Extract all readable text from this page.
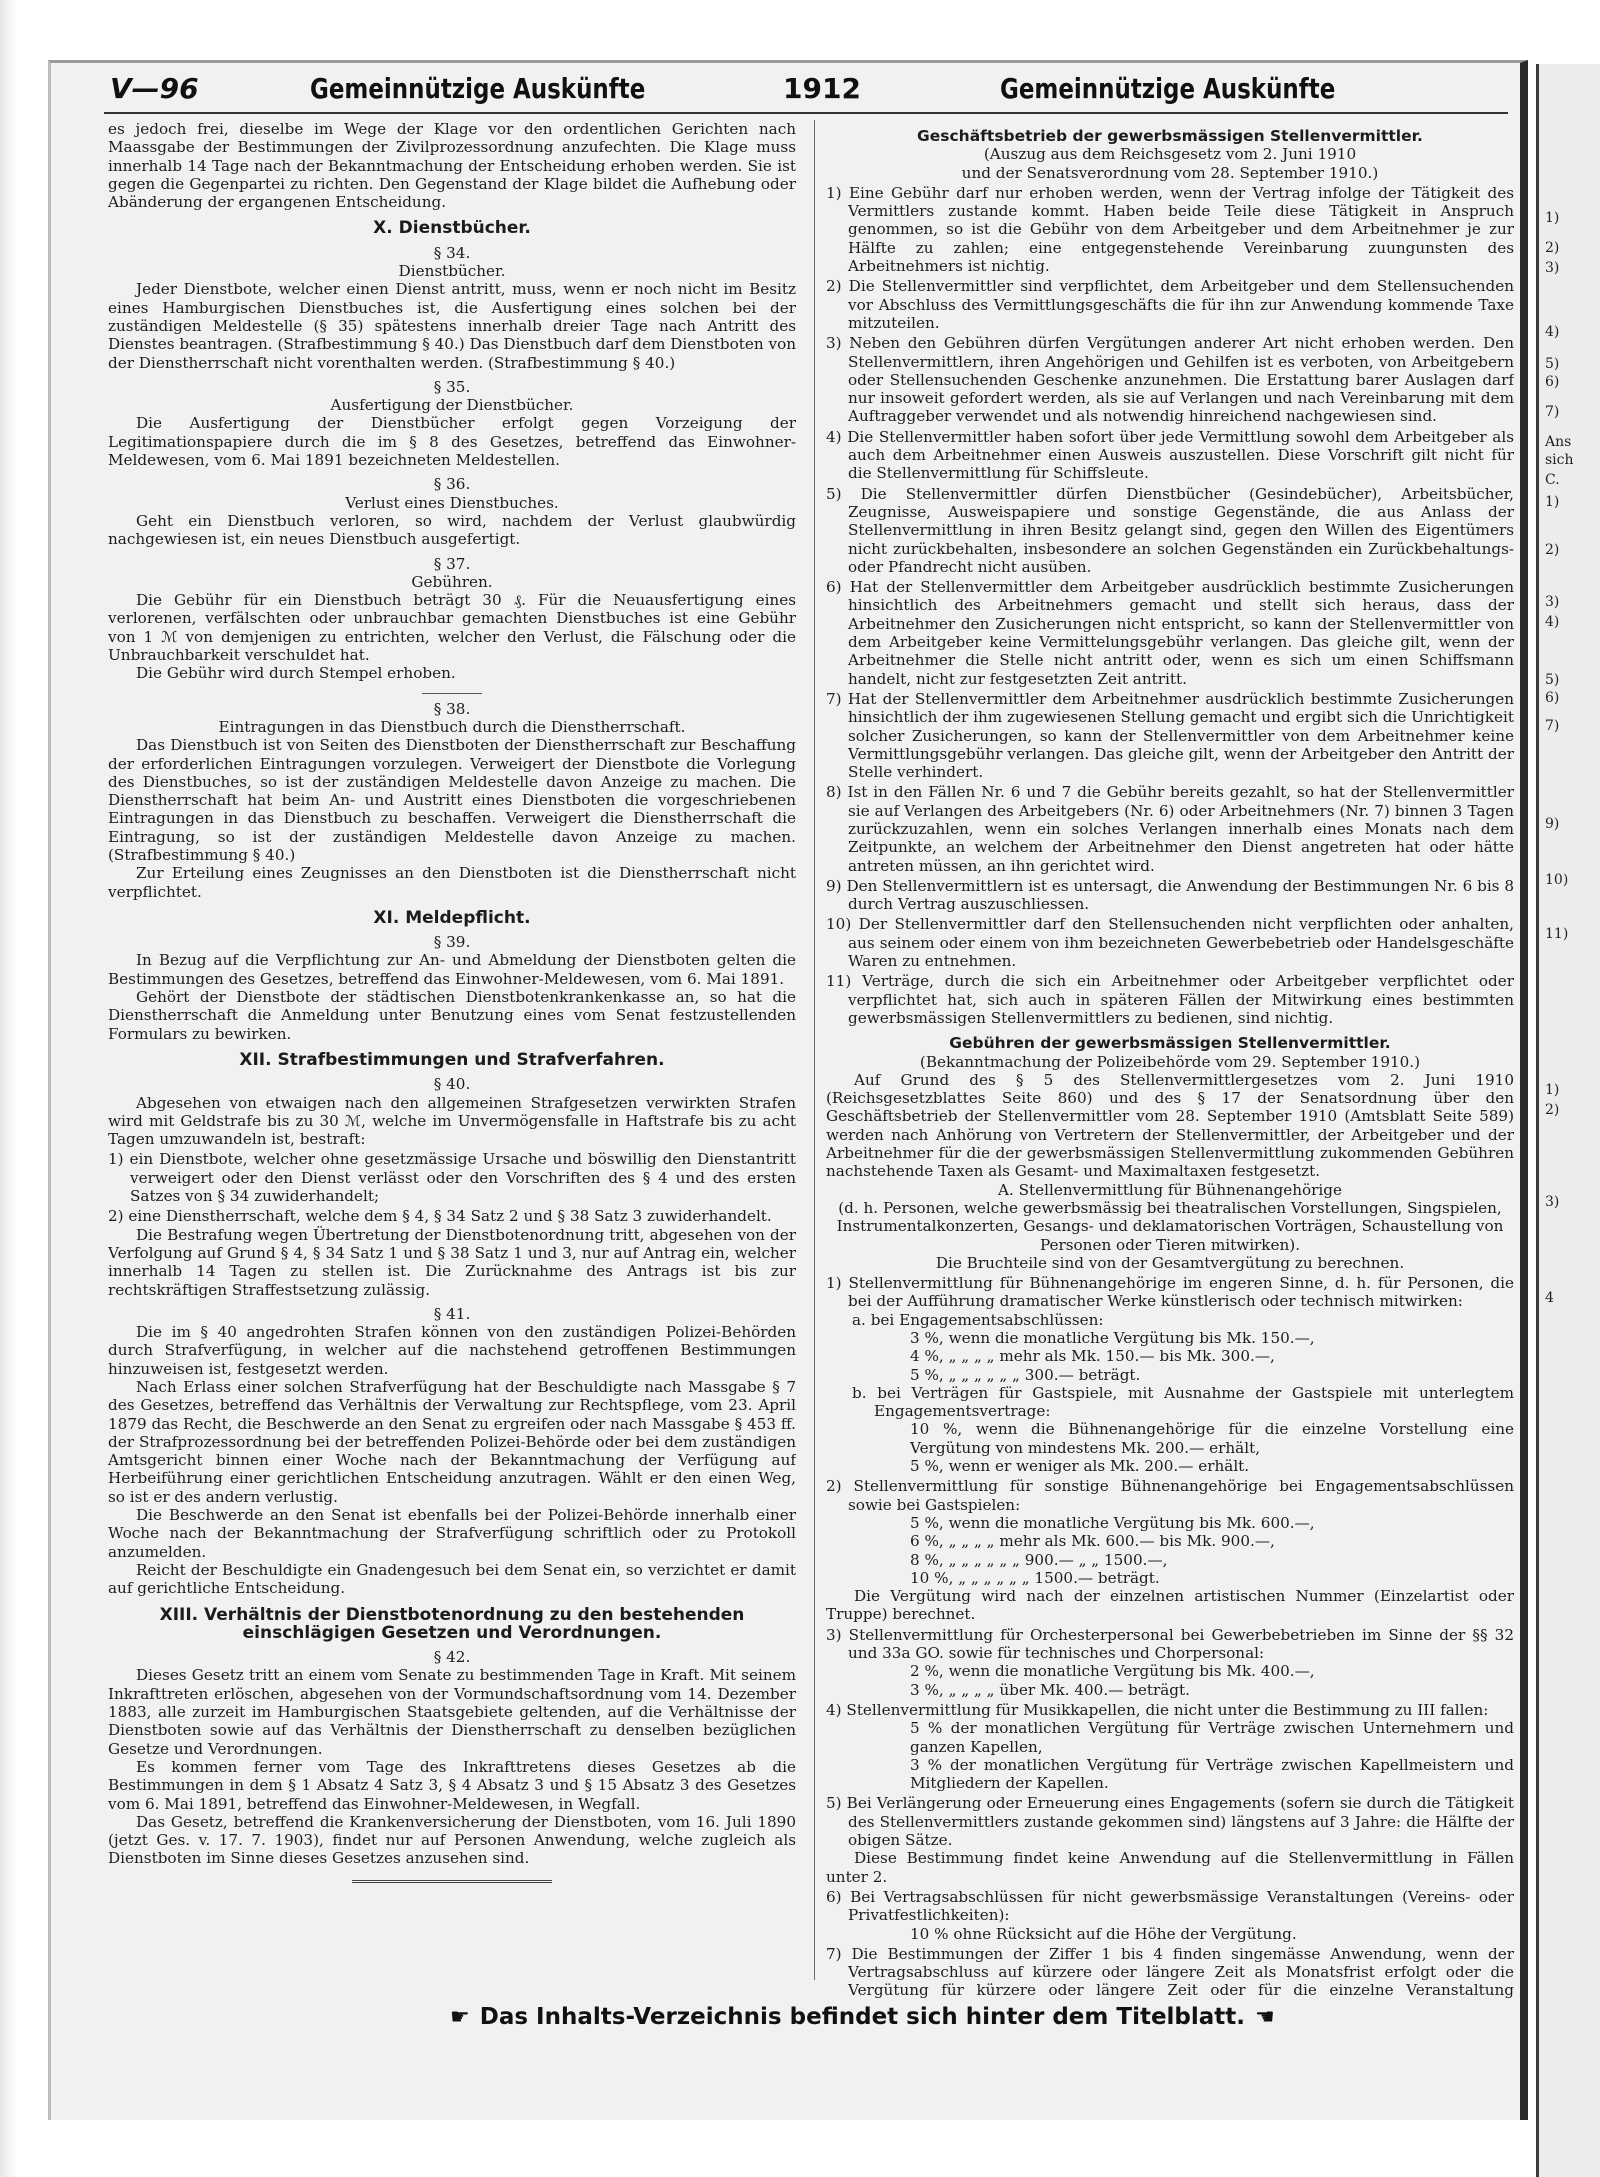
V—96	Gemeinnützige Auskünfte	1912	Gemeinnützige Auskünfte

es jedoch frei, dieselbe im Wege der Klage vor den ordentlichen Gerichten nach Maassgabe der Bestimmungen der Zivilprozessordnung anzufechten. Die Klage muss innerhalb 14 Tage nach der Bekanntmachung der Entscheidung erhoben werden. Sie ist gegen die Gegenpartei zu richten. Den Gegenstand der Klage bildet die Aufhebung oder Abänderung der ergangenen Entscheidung.

X. Dienstbücher.

§ 34.

Dienstbücher.

Jeder Dienstbote, welcher einen Dienst antritt, muss, wenn er noch nicht im Besitz eines Hamburgischen Dienstbuches ist, die Ausfertigung eines solchen bei der zuständigen Meldestelle (§ 35) spätestens innerhalb dreier Tage nach Antritt des Dienstes beantragen. (Strafbestimmung § 40.) Das Dienstbuch darf dem Dienstboten von der Dienstherrschaft nicht vorenthalten werden. (Strafbestimmung § 40.)

§ 35.

Ausfertigung der Dienstbücher.

Die Ausfertigung der Dienstbücher erfolgt gegen Vorzeigung der Legitimationspapiere durch die im § 8 des Gesetzes, betreffend das Einwohner-Meldewesen, vom 6. Mai 1891 bezeichneten Meldestellen.

§ 36.

Verlust eines Dienstbuches.

Geht ein Dienstbuch verloren, so wird, nachdem der Verlust glaubwürdig nachgewiesen ist, ein neues Dienstbuch ausgefertigt.

§ 37.

Gebühren.

Die Gebühr für ein Dienstbuch beträgt 30 ₰. Für die Neuausfertigung eines verlorenen, verfälschten oder unbrauchbar gemachten Dienstbuches ist eine Gebühr von 1 ℳ von demjenigen zu entrichten, welcher den Verlust, die Fälschung oder die Unbrauchbarkeit verschuldet hat.

Die Gebühr wird durch Stempel erhoben.

§ 38.

Eintragungen in das Dienstbuch durch die Dienstherrschaft.

Das Dienstbuch ist von Seiten des Dienstboten der Dienstherrschaft zur Beschaffung der erforderlichen Eintragungen vorzulegen. Verweigert der Dienstbote die Vorlegung des Dienstbuches, so ist der zuständigen Meldestelle davon Anzeige zu machen. Die Dienstherrschaft hat beim An- und Austritt eines Dienstboten die vorgeschriebenen Eintragungen in das Dienstbuch zu beschaffen. Verweigert die Dienstherrschaft die Eintragung, so ist der zuständigen Meldestelle davon Anzeige zu machen. (Strafbestimmung § 40.)

Zur Erteilung eines Zeugnisses an den Dienstboten ist die Dienstherrschaft nicht verpflichtet.

XI. Meldepflicht.

§ 39.

In Bezug auf die Verpflichtung zur An- und Abmeldung der Dienstboten gelten die Bestimmungen des Gesetzes, betreffend das Einwohner-Meldewesen, vom 6. Mai 1891.

Gehört der Dienstbote der städtischen Dienstbotenkrankenkasse an, so hat die Dienstherrschaft die Anmeldung unter Benutzung eines vom Senat festzustellenden Formulars zu bewirken.

XII. Strafbestimmungen und Strafverfahren.

§ 40.

Abgesehen von etwaigen nach den allgemeinen Strafgesetzen verwirkten Strafen wird mit Geldstrafe bis zu 30 ℳ, welche im Unvermögensfalle in Haftstrafe bis zu acht Tagen umzuwandeln ist, bestraft:

1) ein Dienstbote, welcher ohne gesetzmässige Ursache und böswillig den Dienstantritt verweigert oder den Dienst verlässt oder den Vorschriften des § 4 und des ersten Satzes von § 34 zuwiderhandelt;

2) eine Dienstherrschaft, welche dem § 4, § 34 Satz 2 und § 38 Satz 3 zuwiderhandelt.

Die Bestrafung wegen Übertretung der Dienstbotenordnung tritt, abgesehen von der Verfolgung auf Grund § 4, § 34 Satz 1 und § 38 Satz 1 und 3, nur auf Antrag ein, welcher innerhalb 14 Tagen zu stellen ist. Die Zurücknahme des Antrags ist bis zur rechtskräftigen Straffestsetzung zulässig.

§ 41.

Die im § 40 angedrohten Strafen können von den zuständigen Polizei-Behörden durch Strafverfügung, in welcher auf die nachstehend getroffenen Bestimmungen hinzuweisen ist, festgesetzt werden.

Nach Erlass einer solchen Strafverfügung hat der Beschuldigte nach Massgabe § 7 des Gesetzes, betreffend das Verhältnis der Verwaltung zur Rechtspflege, vom 23. April 1879 das Recht, die Beschwerde an den Senat zu ergreifen oder nach Massgabe § 453 ff. der Strafprozessordnung bei der betreffenden Polizei-Behörde oder bei dem zuständigen Amtsgericht binnen einer Woche nach der Bekanntmachung der Verfügung auf Herbeiführung einer gerichtlichen Entscheidung anzutragen. Wählt er den einen Weg, so ist er des andern verlustig.

Die Beschwerde an den Senat ist ebenfalls bei der Polizei-Behörde innerhalb einer Woche nach der Bekanntmachung der Strafverfügung schriftlich oder zu Protokoll anzumelden.

Reicht der Beschuldigte ein Gnadengesuch bei dem Senat ein, so verzichtet er damit auf gerichtliche Entscheidung.

XIII. Verhältnis der Dienstbotenordnung zu den bestehenden einschlägigen Gesetzen und Verordnungen.

§ 42.

Dieses Gesetz tritt an einem vom Senate zu bestimmenden Tage in Kraft. Mit seinem Inkrafttreten erlöschen, abgesehen von der Vormundschaftsordnung vom 14. Dezember 1883, alle zurzeit im Hamburgischen Staatsgebiete geltenden, auf die Verhältnisse der Dienstboten sowie auf das Verhältnis der Dienstherrschaft zu denselben bezüglichen Gesetze und Verordnungen.

Es kommen ferner vom Tage des Inkrafttretens dieses Gesetzes ab die Bestimmungen in dem § 1 Absatz 4 Satz 3, § 4 Absatz 3 und § 15 Absatz 3 des Gesetzes vom 6. Mai 1891, betreffend das Einwohner-Meldewesen, in Wegfall.

Das Gesetz, betreffend die Krankenversicherung der Dienstboten, vom 16. Juli 1890 (jetzt Ges. v. 17. 7. 1903), findet nur auf Personen Anwendung, welche zugleich als Dienstboten im Sinne dieses Gesetzes anzusehen sind.

Geschäftsbetrieb der gewerbsmässigen Stellenvermittler.

(Auszug aus dem Reichsgesetz vom 2. Juni 1910

und der Senatsverordnung vom 28. September 1910.)

1) Eine Gebühr darf nur erhoben werden, wenn der Vertrag infolge der Tätigkeit des Vermittlers zustande kommt. Haben beide Teile diese Tätigkeit in Anspruch genommen, so ist die Gebühr von dem Arbeitgeber und dem Arbeitnehmer je zur Hälfte zu zahlen; eine entgegenstehende Vereinbarung zuungunsten des Arbeitnehmers ist nichtig.

2) Die Stellenvermittler sind verpflichtet, dem Arbeitgeber und dem Stellensuchenden vor Abschluss des Vermittlungsgeschäfts die für ihn zur Anwendung kommende Taxe mitzuteilen.

3) Neben den Gebühren dürfen Vergütungen anderer Art nicht erhoben werden. Den Stellenvermittlern, ihren Angehörigen und Gehilfen ist es verboten, von Arbeitgebern oder Stellensuchenden Geschenke anzunehmen. Die Erstattung barer Auslagen darf nur insoweit gefordert werden, als sie auf Verlangen und nach Vereinbarung mit dem Auftraggeber verwendet und als notwendig hinreichend nachgewiesen sind.

4) Die Stellenvermittler haben sofort über jede Vermittlung sowohl dem Arbeitgeber als auch dem Arbeitnehmer einen Ausweis auszustellen. Diese Vorschrift gilt nicht für die Stellenvermittlung für Schiffsleute.

5) Die Stellenvermittler dürfen Dienstbücher (Gesindebücher), Arbeitsbücher, Zeugnisse, Ausweispapiere und sonstige Gegenstände, die aus Anlass der Stellenvermittlung in ihren Besitz gelangt sind, gegen den Willen des Eigentümers nicht zurückbehalten, insbesondere an solchen Gegenständen ein Zurückbehaltungs- oder Pfandrecht nicht ausüben.

6) Hat der Stellenvermittler dem Arbeitgeber ausdrücklich bestimmte Zusicherungen hinsichtlich des Arbeitnehmers gemacht und stellt sich heraus, dass der Arbeitnehmer den Zusicherungen nicht entspricht, so kann der Stellenvermittler von dem Arbeitgeber keine Vermittelungsgebühr verlangen. Das gleiche gilt, wenn der Arbeitnehmer die Stelle nicht antritt oder, wenn es sich um einen Schiffsmann handelt, nicht zur festgesetzten Zeit antritt.

7) Hat der Stellenvermittler dem Arbeitnehmer ausdrücklich bestimmte Zusicherungen hinsichtlich der ihm zugewiesenen Stellung gemacht und ergibt sich die Unrichtigkeit solcher Zusicherungen, so kann der Stellenvermittler von dem Arbeitnehmer keine Vermittlungsgebühr verlangen. Das gleiche gilt, wenn der Arbeitgeber den Antritt der Stelle verhindert.

8) Ist in den Fällen Nr. 6 und 7 die Gebühr bereits gezahlt, so hat der Stellenvermittler sie auf Verlangen des Arbeitgebers (Nr. 6) oder Arbeitnehmers (Nr. 7) binnen 3 Tagen zurückzuzahlen, wenn ein solches Verlangen innerhalb eines Monats nach dem Zeitpunkte, an welchem der Arbeitnehmer den Dienst angetreten hat oder hätte antreten müssen, an ihn gerichtet wird.

9) Den Stellenvermittlern ist es untersagt, die Anwendung der Bestimmungen Nr. 6 bis 8 durch Vertrag auszuschliessen.

10) Der Stellenvermittler darf den Stellensuchenden nicht verpflichten oder anhalten, aus seinem oder einem von ihm bezeichneten Gewerbebetrieb oder Handelsgeschäfte Waren zu entnehmen.

11) Verträge, durch die sich ein Arbeitnehmer oder Arbeitgeber verpflichtet oder verpflichtet hat, sich auch in späteren Fällen der Mitwirkung eines bestimmten gewerbsmässigen Stellenvermittlers zu bedienen, sind nichtig.

Gebühren der gewerbsmässigen Stellenvermittler.

(Bekanntmachung der Polizeibehörde vom 29. September 1910.)

Auf Grund des § 5 des Stellenvermittlergesetzes vom 2. Juni 1910 (Reichsgesetzblattes Seite 860) und des § 17 der Senatsordnung über den Geschäftsbetrieb der Stellenvermittler vom 28. September 1910 (Amtsblatt Seite 589) werden nach Anhörung von Vertretern der Stellenvermittler, der Arbeitgeber und der Arbeitnehmer für die der gewerbsmässigen Stellenvermittlung zukommenden Gebühren nachstehende Taxen als Gesamt- und Maximaltaxen festgesetzt.

A. Stellenvermittlung für Bühnenangehörige

(d. h. Personen, welche gewerbsmässig bei theatralischen Vorstellungen, Singspielen, Instrumentalkonzerten, Gesangs- und deklamatorischen Vorträgen, Schaustellung von Personen oder Tieren mitwirken).

Die Bruchteile sind von der Gesamtvergütung zu berechnen.

1) Stellenvermittlung für Bühnenangehörige im engeren Sinne, d. h. für Personen, die bei der Aufführung dramatischer Werke künstlerisch oder technisch mitwirken:

a. bei Engagementsabschlüssen:

3 %, wenn die monatliche Vergütung bis Mk. 150.—,

4 %, „ „ „ „ mehr als Mk. 150.— bis Mk. 300.—,

5 %, „ „ „ „ „ „ 300.— beträgt.

b. bei Verträgen für Gastspiele, mit Ausnahme der Gastspiele mit unterlegtem Engagementsvertrage:

10 %, wenn die Bühnenangehörige für die einzelne Vorstellung eine Vergütung von mindestens Mk. 200.— erhält,

5 %, wenn er weniger als Mk. 200.— erhält.

2) Stellenvermittlung für sonstige Bühnenangehörige bei Engagementsabschlüssen sowie bei Gastspielen:

5 %, wenn die monatliche Vergütung bis Mk. 600.—,

6 %, „ „ „ „ mehr als Mk. 600.— bis Mk. 900.—,

8 %, „ „ „ „ „ „ 900.— „ „ 1500.—,

10 %, „ „ „ „ „ „ 1500.— beträgt.

Die Vergütung wird nach der einzelnen artistischen Nummer (Einzelartist oder Truppe) berechnet.

3) Stellenvermittlung für Orchesterpersonal bei Gewerbebetrieben im Sinne der §§ 32 und 33a GO. sowie für technisches und Chorpersonal:

2 %, wenn die monatliche Vergütung bis Mk. 400.—,

3 %, „ „ „ „ über Mk. 400.— beträgt.

4) Stellenvermittlung für Musikkapellen, die nicht unter die Bestimmung zu III fallen:

5 % der monatlichen Vergütung für Verträge zwischen Unternehmern und ganzen Kapellen,

3 % der monatlichen Vergütung für Verträge zwischen Kapellmeistern und Mitgliedern der Kapellen.

5) Bei Verlängerung oder Erneuerung eines Engagements (sofern sie durch die Tätigkeit des Stellenvermittlers zustande gekommen sind) längstens auf 3 Jahre: die Hälfte der obigen Sätze.

Diese Bestimmung findet keine Anwendung auf die Stellenvermittlung in Fällen unter 2.

6) Bei Vertragsabschlüssen für nicht gewerbsmässige Veranstaltungen (Vereins- oder Privatfestlichkeiten):

10 % ohne Rücksicht auf die Höhe der Vergütung.

7) Die Bestimmungen der Ziffer 1 bis 4 finden singemässe Anwendung, wenn der Vertragsabschluss auf kürzere oder längere Zeit als Monatsfrist erfolgt oder die Vergütung für kürzere oder längere Zeit oder für die einzelne Veranstaltung

☛ Das Inhalts-Verzeichnis befindet sich hinter dem Titelblatt. ☚
1)
2)
3)
4)
5)
6)
7)
Ans
sich
C.
1)
2)
3)
4)
5)
6)
7)
9)
10)
11)
1)
2)
3)
4
